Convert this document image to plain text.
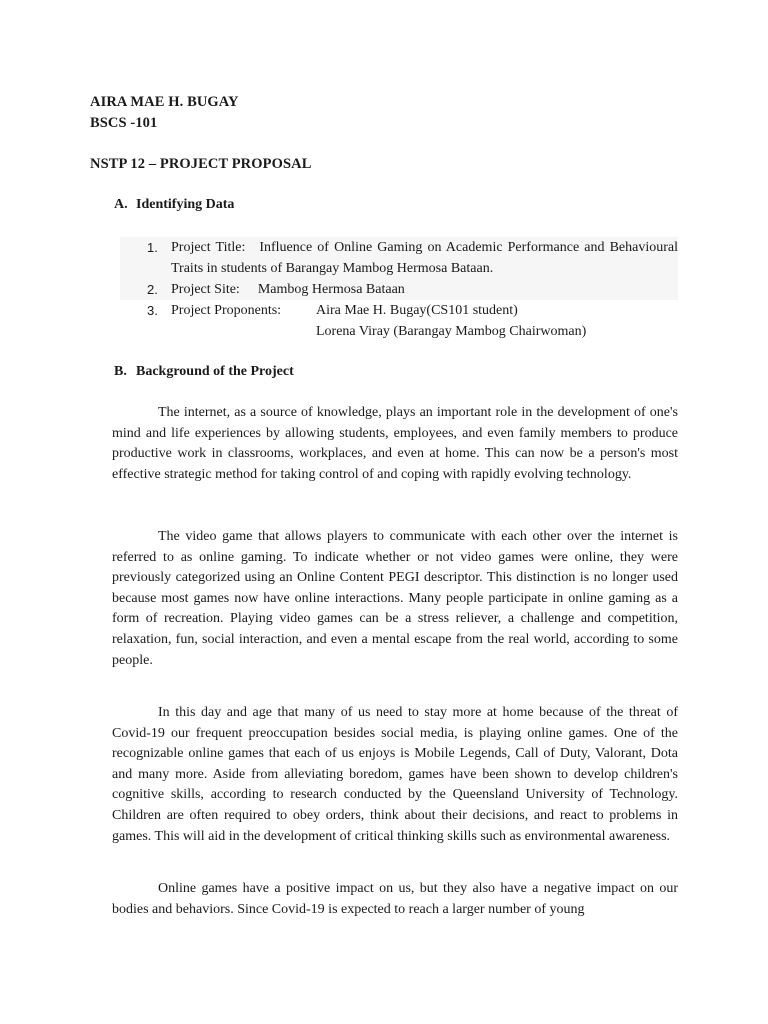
AIRA MAE H. BUGAY
BSCS -101
NSTP 12 – PROJECT PROPOSAL
A. Identifying Data
1 . Project Title: Influence of Online Gaming on Academic Performance and Behavioural Traits in students of Barangay Mambog Hermosa Bataan.
2 . Project Site: Mambog Hermosa Bataan
3 . Project Proponents: Aira Mae H. Bugay(CS101 student)
Lorena Viray (Barangay Mambog Chairwoman)
B. Background of the Project

The internet, as a source of knowledge, plays an important role in the development of one's mind and life experiences by allowing students, employees, and even family members to produce productive work in classrooms, workplaces, and even at home. This can now be a person's most effective strategic method for taking control of and coping with rapidly evolving technology.

The video game that allows players to communicate with each other over the internet is referred to as online gaming. To indicate whether or not video games were online, they were previously categorized using an Online Content PEGI descriptor. This distinction is no longer used because most games now have online interactions. Many people participate in online gaming as a form of recreation. Playing video games can be a stress reliever, a challenge and competition, relaxation, fun, social interaction, and even a mental escape from the real world, according to some people.

In this day and age that many of us need to stay more at home because of the threat of Covid-19 our frequent preoccupation besides social media, is playing online games. One of the recognizable online games that each of us enjoys is Mobile Legends, Call of Duty, Valorant, Dota and many more. Aside from alleviating boredom, games have been shown to develop children's cognitive skills, according to research conducted by the Queensland University of Technology. Children are often required to obey orders, think about their decisions, and react to problems in games. This will aid in the development of critical thinking skills such as environmental awareness.

Online games have a positive impact on us, but they also have a negative impact on our bodies and behaviors. Since Covid-19 is expected to reach a larger number of young
